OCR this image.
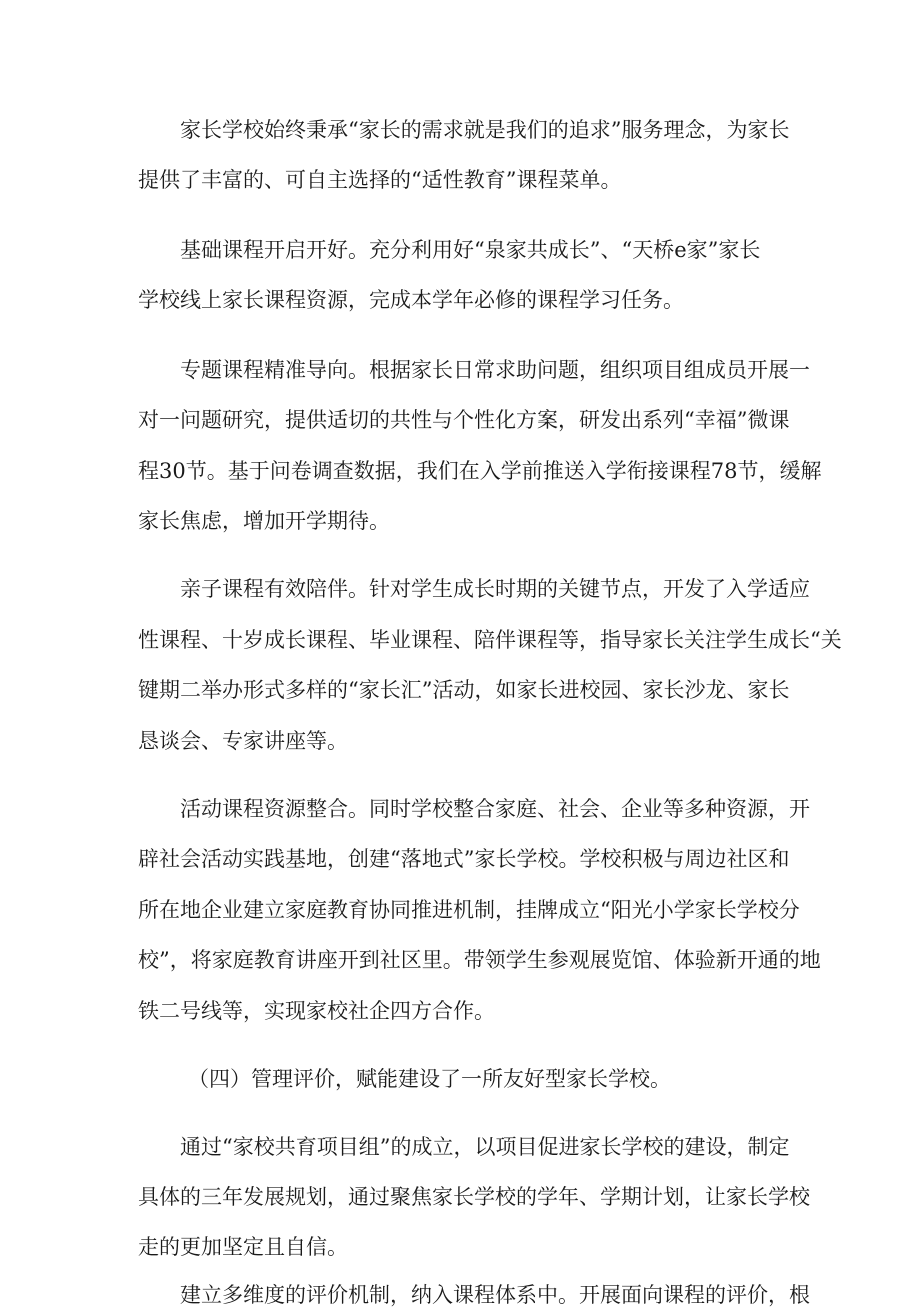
家长学校始终秉承“家长的需求就是我们的追求”服务理念，为家长
提供了丰富的、可自主选择的“适性教育”课程菜单。
基础课程开启开好。充分利用好“泉家共成长”、“天桥e家”家长
学校线上家长课程资源，完成本学年必修的课程学习任务。
专题课程精准导向。根据家长日常求助问题，组织项目组成员开展一
对一问题研究，提供适切的共性与个性化方案，研发出系列“幸福”微课
程30节。基于问卷调查数据，我们在入学前推送入学衔接课程78节，缓解
家长焦虑，增加开学期待。
亲子课程有效陪伴。针对学生成长时期的关键节点，开发了入学适应
性课程、十岁成长课程、毕业课程、陪伴课程等，指导家长关注学生成长“关
键期二举办形式多样的“家长汇”活动，如家长进校园、家长沙龙、家长
恳谈会、专家讲座等。
活动课程资源整合。同时学校整合家庭、社会、企业等多种资源，开
辟社会活动实践基地，创建“落地式”家长学校。学校积极与周边社区和
所在地企业建立家庭教育协同推进机制，挂牌成立“阳光小学家长学校分
校”，将家庭教育讲座开到社区里。带领学生参观展览馆、体验新开通的地
铁二号线等，实现家校社企四方合作。
（四）管理评价，赋能建设了一所友好型家长学校。
通过“家校共育项目组”的成立，以项目促进家长学校的建设，制定
具体的三年发展规划，通过聚焦家长学校的学年、学期计划，让家长学校
走的更加坚定且自信。
建立多维度的评价机制，纳入课程体系中。开展面向课程的评价，根
